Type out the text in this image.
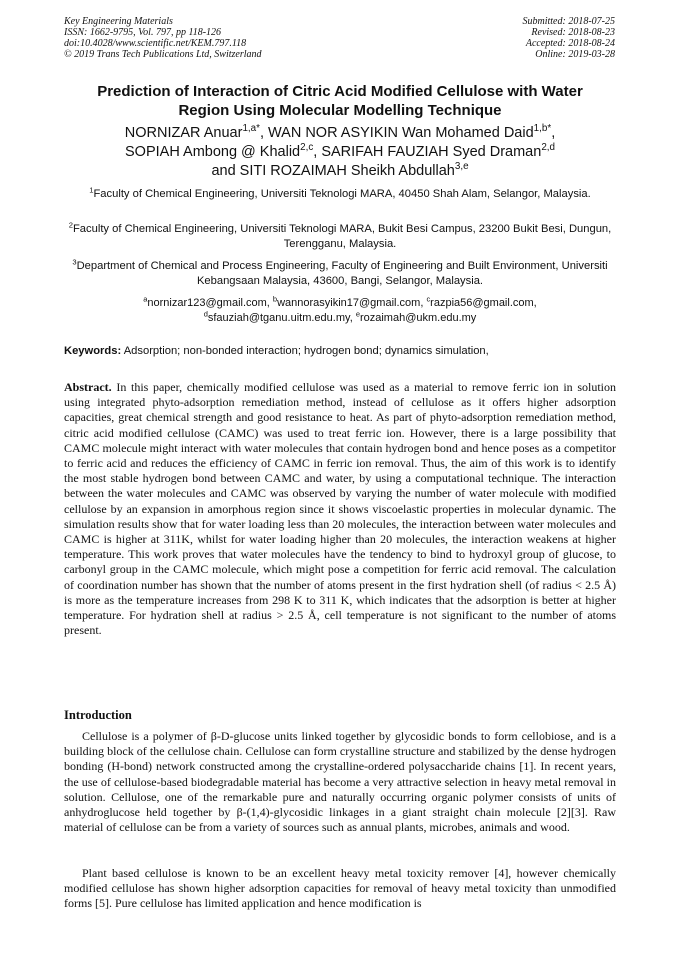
Key Engineering Materials
ISSN: 1662-9795, Vol. 797, pp 118-126
doi:10.4028/www.scientific.net/KEM.797.118
© 2019 Trans Tech Publications Ltd, Switzerland
Submitted: 2018-07-25
Revised: 2018-08-23
Accepted: 2018-08-24
Online: 2019-03-28
Prediction of Interaction of Citric Acid Modified Cellulose with Water
Region Using Molecular Modelling Technique
NORNIZAR Anuar$^{1,a*}$, WAN NOR ASYIKIN Wan Mohamed Daid$^{1,b*}$,
SOPIAH Ambong @ Khalid$^{2,c}$, SARIFAH FAUZIAH Syed Draman$^{2,d}$
and SITI ROZAIMAH Sheikh Abdullah$^{3,e}$
$^1$Faculty of Chemical Engineering, Universiti Teknologi MARA, 40450 Shah Alam, Selangor, Malaysia.
$^2$Faculty of Chemical Engineering, Universiti Teknologi MARA, Bukit Besi Campus, 23200 Bukit Besi, Dungun, Terengganu, Malaysia.
$^3$Department of Chemical and Process Engineering, Faculty of Engineering and Built Environment, Universiti Kebangsaan Malaysia, 43600, Bangi, Selangor, Malaysia.
$^a$nornizar123@gmail.com, $^b$wannorasyikin17@gmail.com, $^c$razpia56@gmail.com,
$^d$sfauziah@tganu.uitm.edu.my, $^e$rozaimah@ukm.edu.my
Keywords: Adsorption; non-bonded interaction; hydrogen bond; dynamics simulation,

Abstract. In this paper, chemically modified cellulose was used as a material to remove ferric ion in solution using integrated phyto-adsorption remediation method, instead of cellulose as it offers higher adsorption capacities, great chemical strength and good resistance to heat. As part of phyto-adsorption remediation method, citric acid modified cellulose (CAMC) was used to treat ferric ion. However, there is a large possibility that CAMC molecule might interact with water molecules that contain hydrogen bond and hence poses as a competitor to ferric acid and reduces the efficiency of CAMC in ferric ion removal. Thus, the aim of this work is to identify the most stable hydrogen bond between CAMC and water, by using a computational technique. The interaction between the water molecules and CAMC was observed by varying the number of water molecule with modified cellulose by an expansion in amorphous region since it shows viscoelastic properties in molecular dynamic. The simulation results show that for water loading less than 20 molecules, the interaction between water molecules and CAMC is higher at 311K, whilst for water loading higher than 20 molecules, the interaction weakens at higher temperature. This work proves that water molecules have the tendency to bind to hydroxyl group of glucose, to carbonyl group in the CAMC molecule, which might pose a competition for ferric acid removal. The calculation of coordination number has shown that the number of atoms present in the first hydration shell (of radius < 2.5 Å) is more as the temperature increases from 298 K to 311 K, which indicates that the adsorption is better at higher temperature. For hydration shell at radius > 2.5 Å, cell temperature is not significant to the number of atoms present.

Introduction

Cellulose is a polymer of β-D-glucose units linked together by glycosidic bonds to form cellobiose, and is a building block of the cellulose chain. Cellulose can form crystalline structure and stabilized by the dense hydrogen bonding (H-bond) network constructed among the crystalline-ordered polysaccharide chains [1]. In recent years, the use of cellulose-based biodegradable material has become a very attractive selection in heavy metal removal in solution. Cellulose, one of the remarkable pure and naturally occurring organic polymer consists of units of anhydroglucose held together by β-(1,4)-glycosidic linkages in a giant straight chain molecule [2][3]. Raw material of cellulose can be from a variety of sources such as annual plants, microbes, animals and wood.

Plant based cellulose is known to be an excellent heavy metal toxicity remover [4], however chemically modified cellulose has shown higher adsorption capacities for removal of heavy metal toxicity than unmodified forms [5]. Pure cellulose has limited application and hence modification is
